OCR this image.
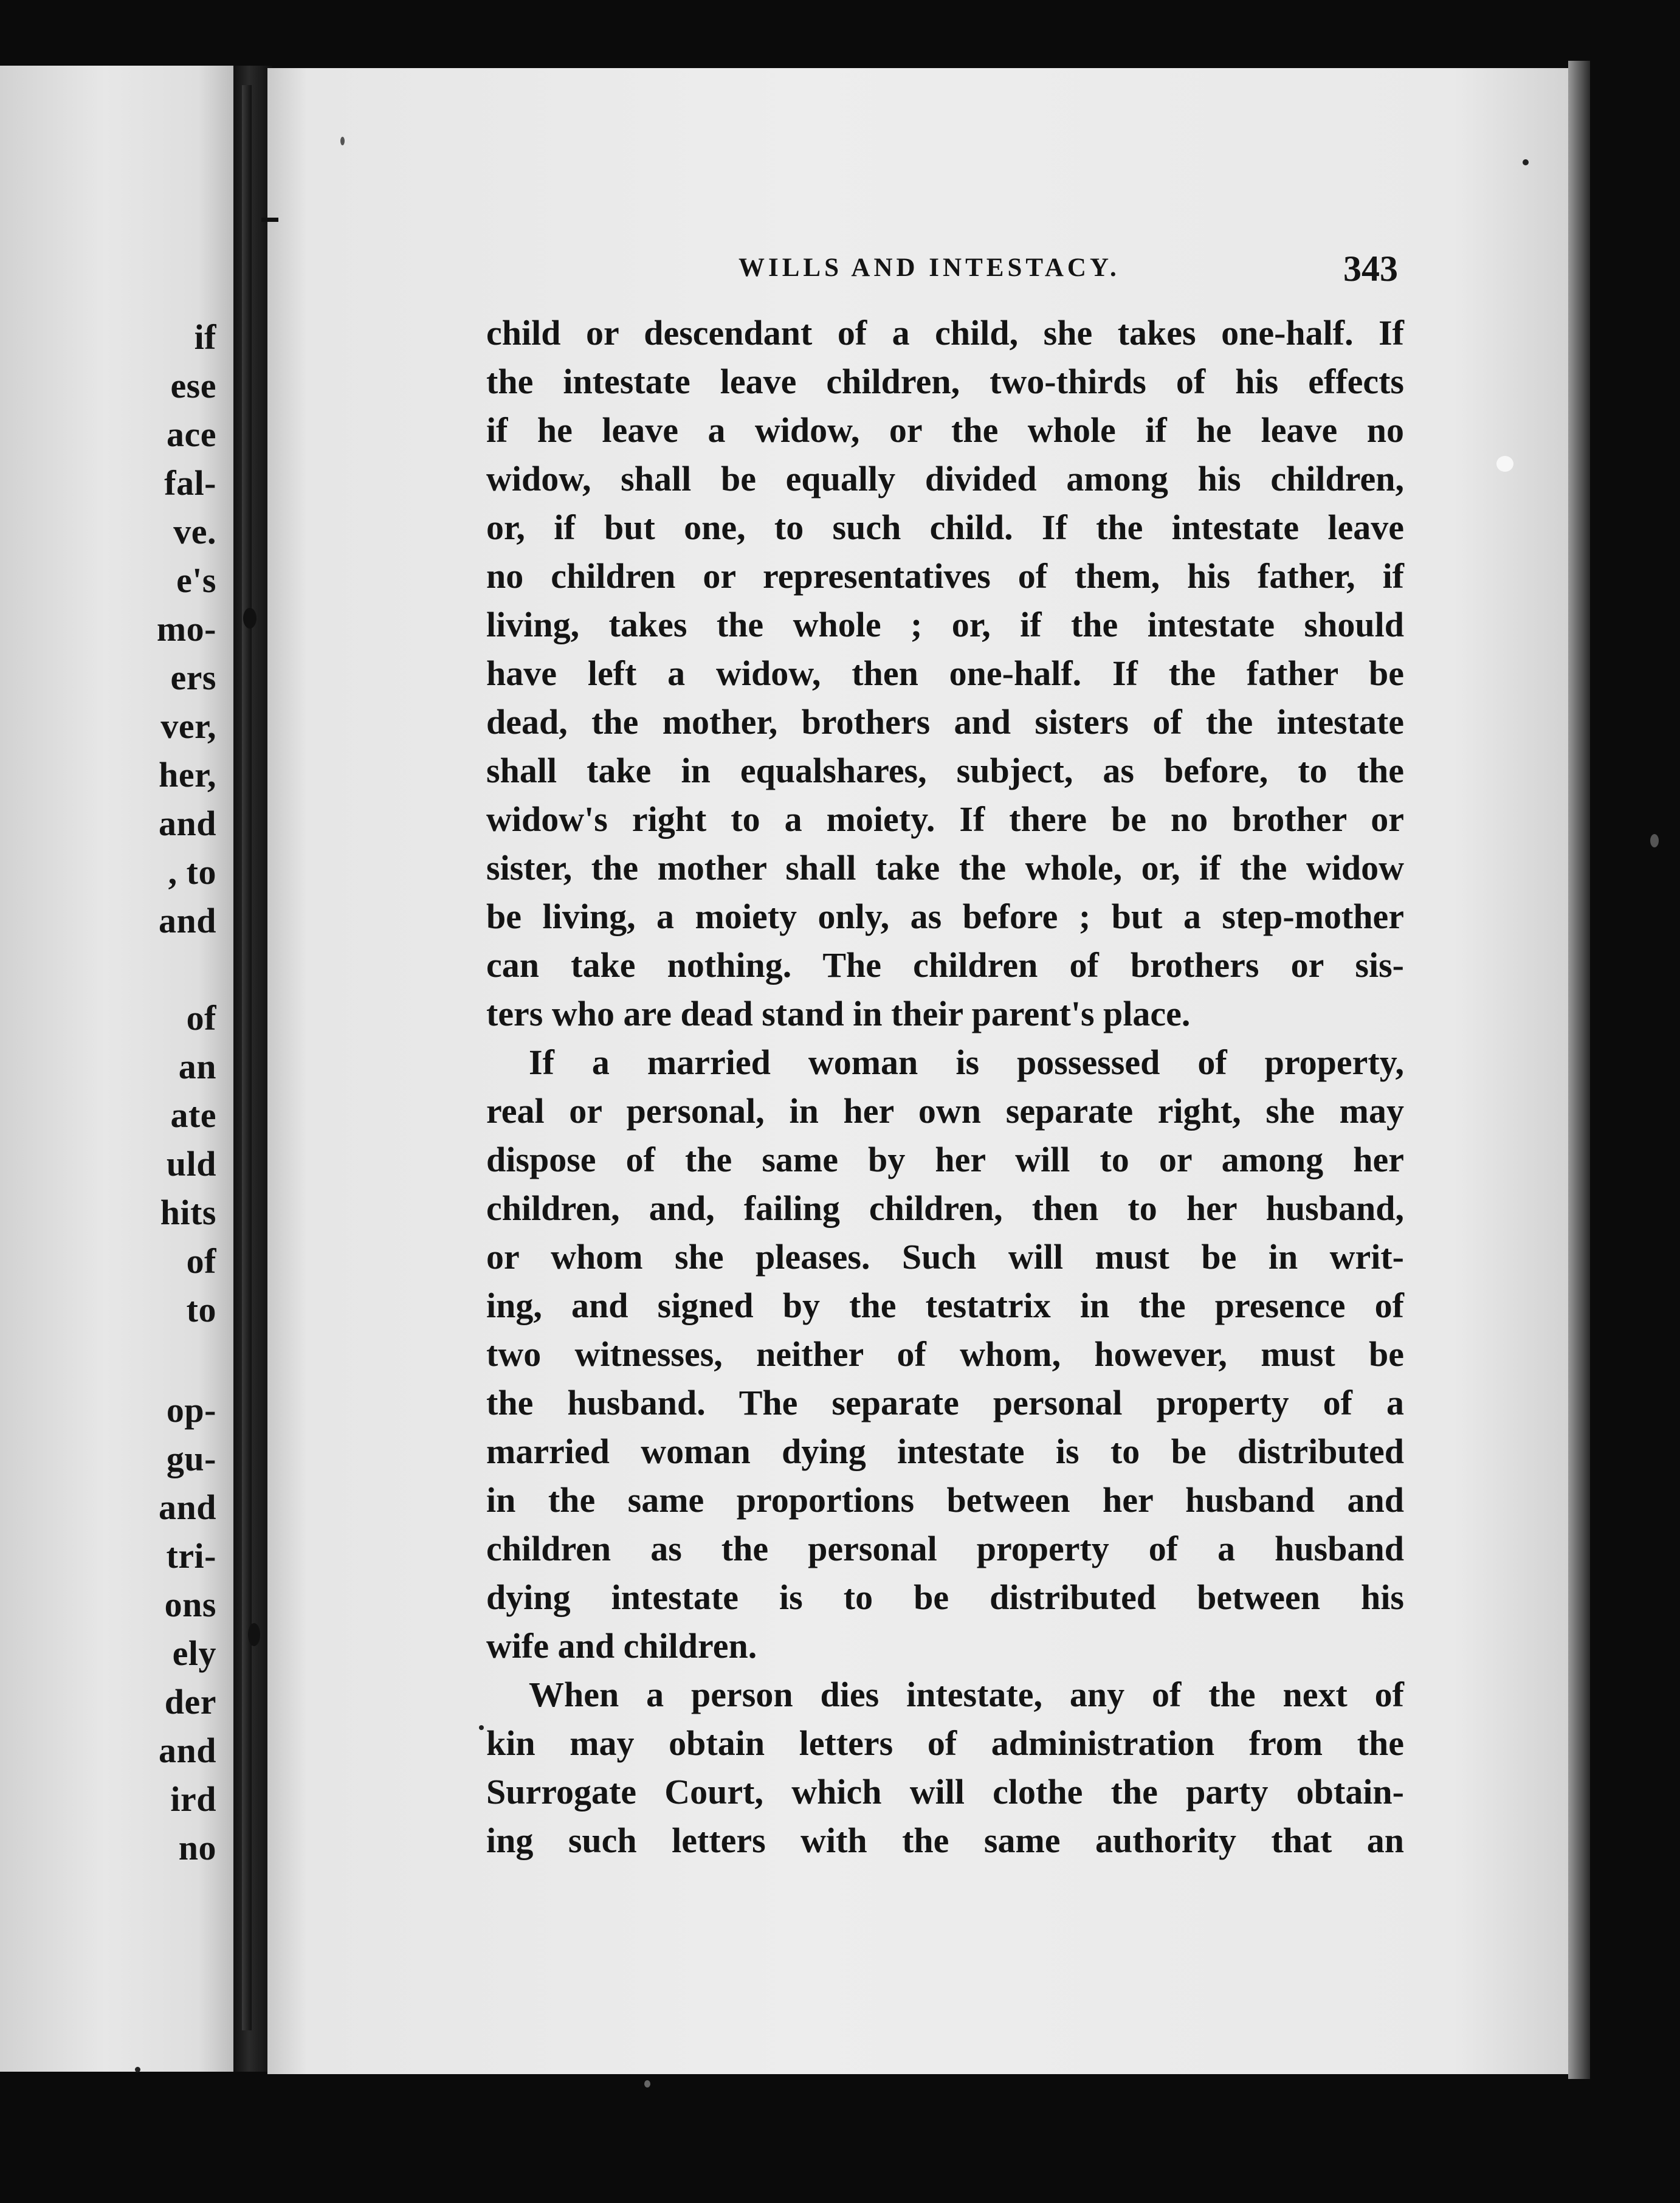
if
ese
ace
fal-
ve.
e's
mo-
ers
ver,
her,
and
, to
and
of
an
ate
uld
hits
of
to
op-
gu-
and
tri-
ons
ely
der
and
ird
no
WILLS AND INTESTACY.	343
child or descendant of a child, she takes one-half. If
the intestate leave children, two-thirds of his effects
if he leave a widow, or the whole if he leave no
widow, shall be equally divided among his children,
or, if but one, to such child. If the intestate leave
no children or representatives of them, his father, if
living, takes the whole ; or, if the intestate should
have left a widow, then one-half. If the father be
dead, the mother, brothers and sisters of the intestate
shall take in equalshares, subject, as before, to the
widow's right to a moiety. If there be no brother or
sister, the mother shall take the whole, or, if the widow
be living, a moiety only, as before ; but a step-mother
can take nothing. The children of brothers or sis-
ters who are dead stand in their parent's place.
If a married woman is possessed of property,
real or personal, in her own separate right, she may
dispose of the same by her will to or among her
children, and, failing children, then to her husband,
or whom she pleases. Such will must be in writ-
ing, and signed by the testatrix in the presence of
two witnesses, neither of whom, however, must be
the husband. The separate personal property of a
married woman dying intestate is to be distributed
in the same proportions between her husband and
children as the personal property of a husband
dying intestate is to be distributed between his
wife and children.
When a person dies intestate, any of the next of
kin may obtain letters of administration from the
Surrogate Court, which will clothe the party obtain-
ing such letters with the same authority that an
